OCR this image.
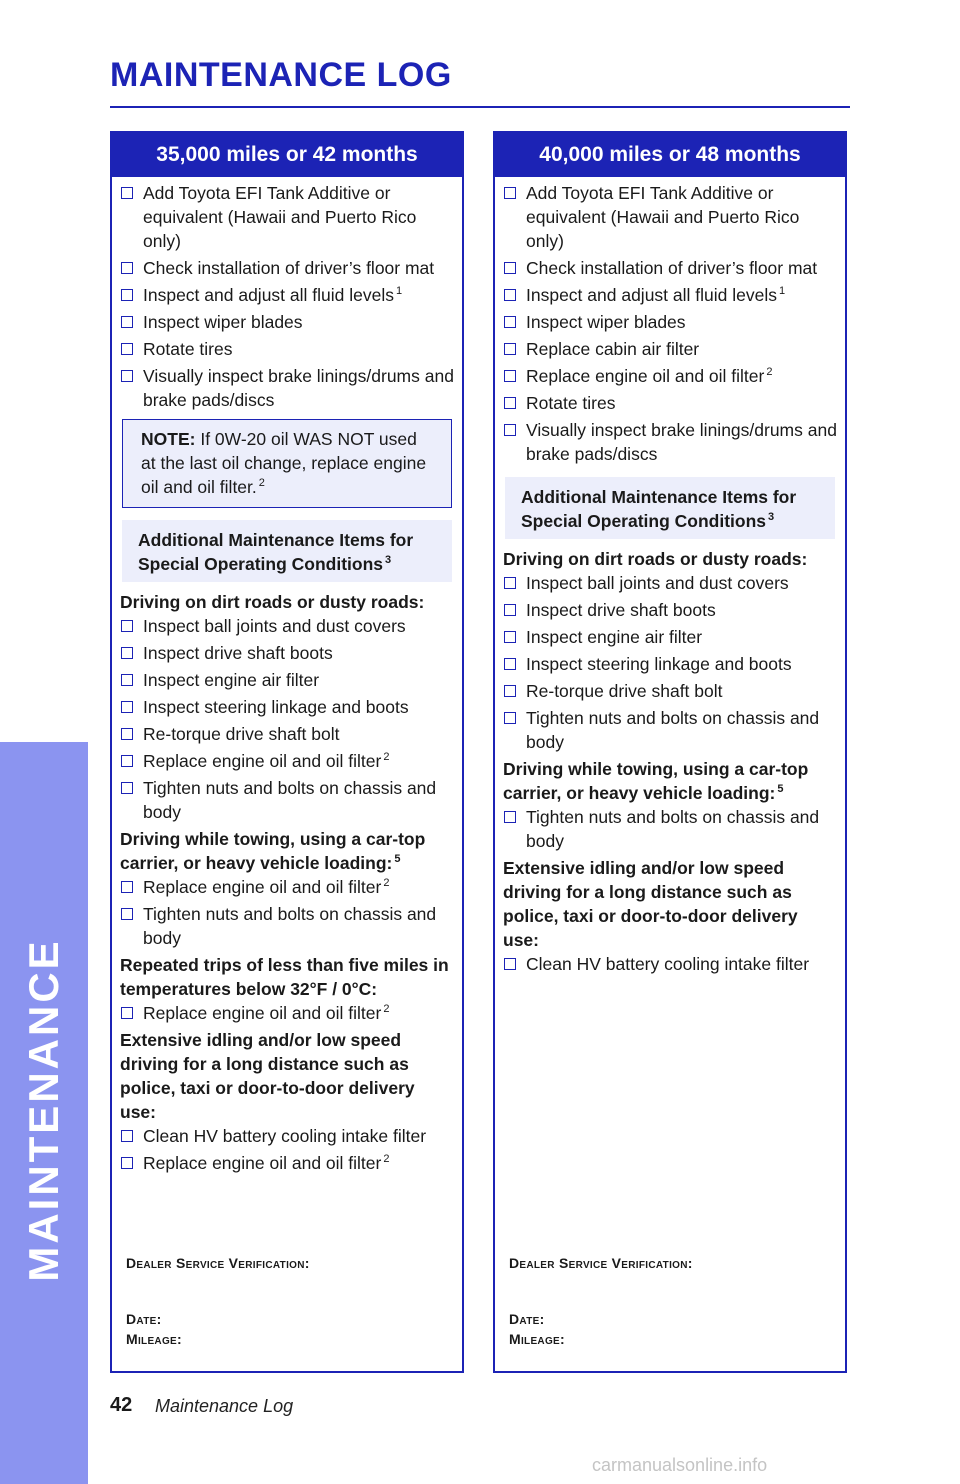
MAINTENANCE
MAINTENANCE LOG
35,000 miles or 42 months
Add Toyota EFI Tank Additive or equivalent (Hawaii and Puerto Rico only)
Check installation of driver’s floor mat
Inspect and adjust all fluid levels $^1$
Inspect wiper blades
Rotate tires
Visually inspect brake linings/drums and brake pads/discs
NOTE: If 0W-20 oil WAS NOT used at the last oil change, replace engine oil and oil filter. $^2$
Additional Maintenance Items for Special Operating Conditions $^3$
Driving on dirt roads or dusty roads:
Inspect ball joints and dust covers
Inspect drive shaft boots
Inspect engine air filter
Inspect steering linkage and boots
Re-torque drive shaft bolt
Replace engine oil and oil filter $^2$
Tighten nuts and bolts on chassis and body
Driving while towing, using a car-top carrier, or heavy vehicle loading: $^5$
Replace engine oil and oil filter $^2$
Tighten nuts and bolts on chassis and body
Repeated trips of less than five miles in temperatures below 32°F / 0°C:
Replace engine oil and oil filter $^2$
Extensive idling and/or low speed driving for a long distance such as police, taxi or door-to-door delivery use:
Clean HV battery cooling intake filter
Replace engine oil and oil filter $^2$
Dealer Service Verification:
Date:
Mileage:
40,000 miles or 48 months
Add Toyota EFI Tank Additive or equivalent (Hawaii and Puerto Rico only)
Check installation of driver’s floor mat
Inspect and adjust all fluid levels $^1$
Inspect wiper blades
Replace cabin air filter
Replace engine oil and oil filter $^2$
Rotate tires
Visually inspect brake linings/drums and brake pads/discs
Additional Maintenance Items for Special Operating Conditions $^3$
Driving on dirt roads or dusty roads:
Inspect ball joints and dust covers
Inspect drive shaft boots
Inspect engine air filter
Inspect steering linkage and boots
Re-torque drive shaft bolt
Tighten nuts and bolts on chassis and body
Driving while towing, using a car-top carrier, or heavy vehicle loading: $^5$
Tighten nuts and bolts on chassis and body
Extensive idling and/or low speed driving for a long distance such as police, taxi or door-to-door delivery use:
Clean HV battery cooling intake filter
Dealer Service Verification:
Date:
Mileage:
42 Maintenance Log
carmanualsonline.info
